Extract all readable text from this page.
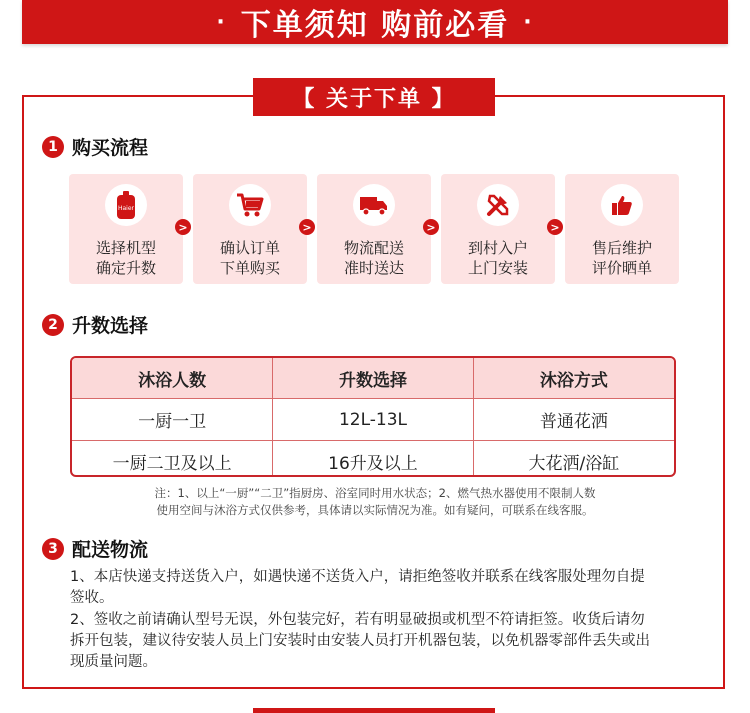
· 下单须知 购前必看 ·
【 关于下单 】
1 购买流程
Haier
选择机型
确定升数
>
确认订单
下单购买
>
物流配送
准时送达
>
到村入户
上门安装
>
售后维护
评价晒单
2 升数选择
沐浴人数	升数选择	沐浴方式
一厨一卫	12L-13L	普通花洒
一厨二卫及以上	16升及以上	大花洒/浴缸
注：1、以上“一厨”“二卫”指厨房、浴室同时用水状态；2、燃气热水器使用不限制人数
使用空间与沐浴方式仅供参考，具体请以实际情况为准。如有疑问，可联系在线客服。
3 配送物流
1、本店快递支持送货入户，如遇快递不送货入户，请拒绝签收并联系在线客服处理勿自提签收。
2、签收之前请确认型号无误，外包装完好，若有明显破损或机型不符请拒签。收货后请勿拆开包装，建议待安装人员上门安装时由安装人员打开机器包装，以免机器零部件丢失或出现质量问题。
